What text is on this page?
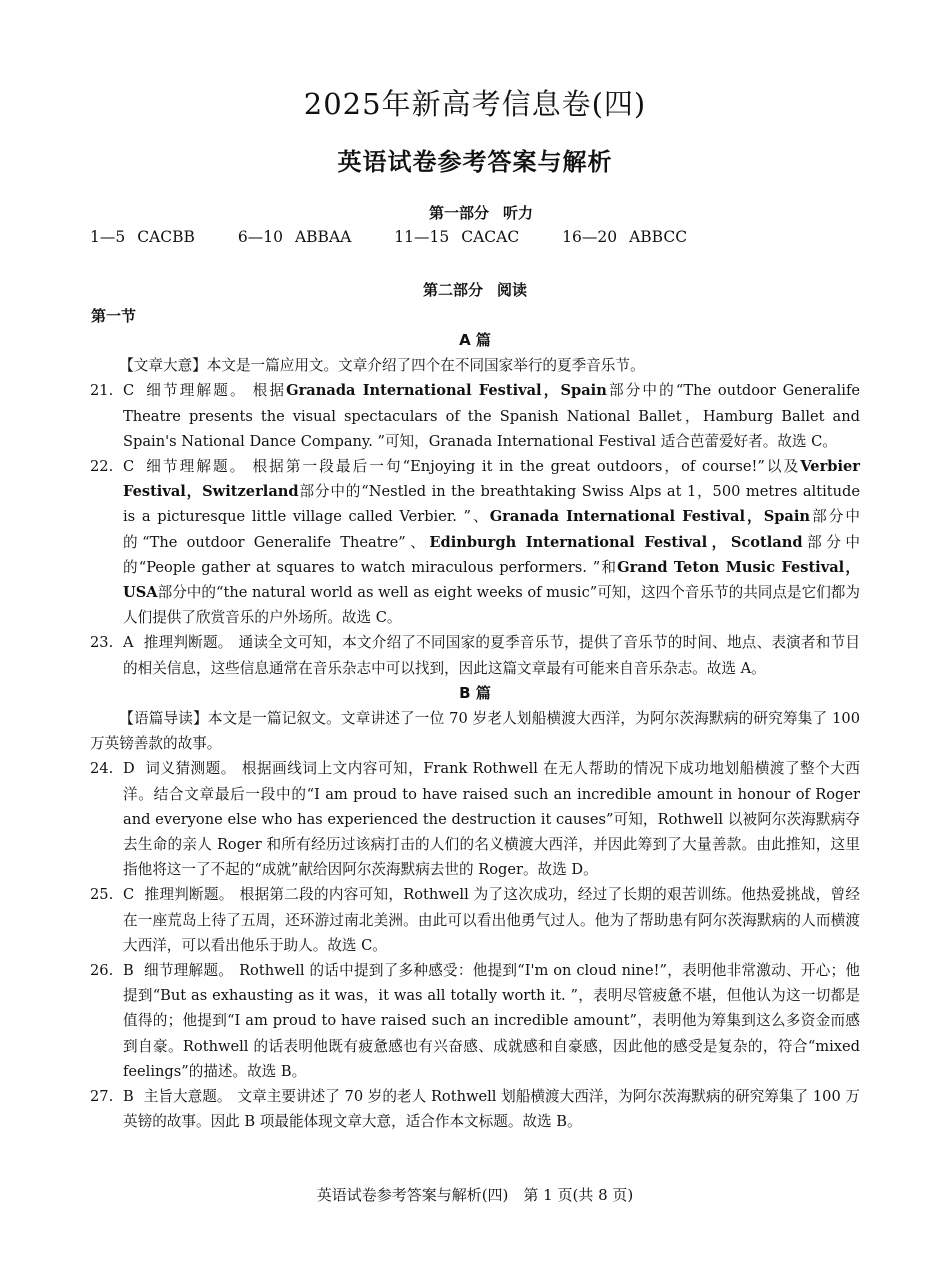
2025年新高考信息卷(四)
英语试卷参考答案与解析
第一部分 听力
1—5 CACBB	6—10 ABBAA	11—15 CACAC	16—20 ABBCC
第二部分 阅读
第一节
A 篇

【文章大意】本文是一篇应用文。文章介绍了四个在不同国家举行的夏季音乐节。

21. C 细节理解题。 根据Granada International Festival，Spain部分中的“The outdoor Generalife Theatre presents the visual spectaculars of the Spanish National Ballet，Hamburg Ballet and Spain's National Dance Company. ”可知，Granada International Festival 适合芭蕾爱好者。故选 C。
22. C 细节理解题。 根据第一段最后一句“Enjoying it in the great outdoors，of course!”以及Verbier Festival，Switzerland部分中的“Nestled in the breathtaking Swiss Alps at 1，500 metres altitude is a picturesque little village called Verbier. ”、Granada International Festival，Spain部分中的“The outdoor Generalife Theatre”、Edinburgh International Festival，Scotland部分中的“People gather at squares to watch miraculous performers. ”和Grand Teton Music Festival，USA部分中的“the natural world as well as eight weeks of music”可知，这四个音乐节的共同点是它们都为人们提供了欣赏音乐的户外场所。故选 C。
23. A 推理判断题。 通读全文可知，本文介绍了不同国家的夏季音乐节，提供了音乐节的时间、地点、表演者和节目的相关信息，这些信息通常在音乐杂志中可以找到，因此这篇文章最有可能来自音乐杂志。故选 A。
B 篇

【语篇导读】本文是一篇记叙文。文章讲述了一位 70 岁老人划船横渡大西洋，为阿尔茨海默病的研究筹集了 100 万英镑善款的故事。

24. D 词义猜测题。 根据画线词上文内容可知，Frank Rothwell 在无人帮助的情况下成功地划船横渡了整个大西洋。结合文章最后一段中的“I am proud to have raised such an incredible amount in honour of Roger and everyone else who has experienced the destruction it causes”可知，Rothwell 以被阿尔茨海默病夺去生命的亲人 Roger 和所有经历过该病打击的人们的名义横渡大西洋，并因此筹到了大量善款。由此推知，这里指他将这一了不起的“成就”献给因阿尔茨海默病去世的 Roger。故选 D。
25. C 推理判断题。 根据第二段的内容可知，Rothwell 为了这次成功，经过了长期的艰苦训练。他热爱挑战，曾经在一座荒岛上待了五周，还环游过南北美洲。由此可以看出他勇气过人。他为了帮助患有阿尔茨海默病的人而横渡大西洋，可以看出他乐于助人。故选 C。
26. B 细节理解题。 Rothwell 的话中提到了多种感受：他提到“I'm on cloud nine!”，表明他非常激动、开心；他提到“But as exhausting as it was，it was all totally worth it. ”，表明尽管疲惫不堪，但他认为这一切都是值得的；他提到“I am proud to have raised such an incredible amount”，表明他为筹集到这么多资金而感到自豪。Rothwell 的话表明他既有疲惫感也有兴奋感、成就感和自豪感，因此他的感受是复杂的，符合“mixed feelings”的描述。故选 B。
27. B 主旨大意题。 文章主要讲述了 70 岁的老人 Rothwell 划船横渡大西洋，为阿尔茨海默病的研究筹集了 100 万英镑的故事。因此 B 项最能体现文章大意，适合作本文标题。故选 B。
英语试卷参考答案与解析(四)　第 1 页(共 8 页)
